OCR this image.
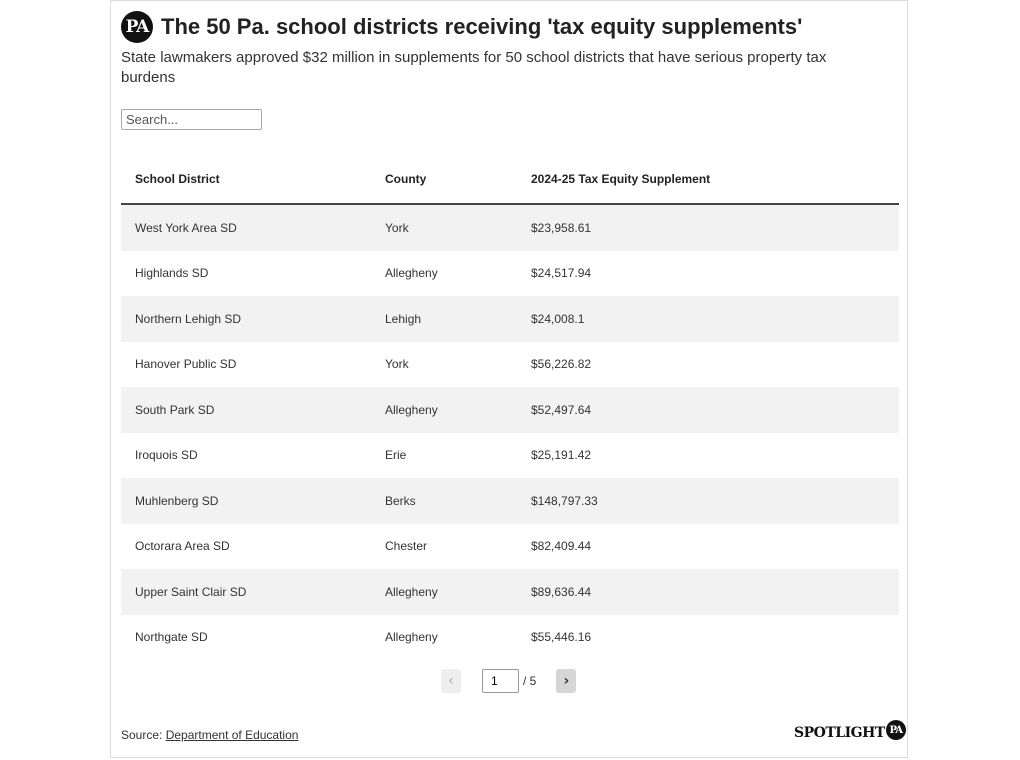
PA The 50 Pa. school districts receiving 'tax equity supplements'
State lawmakers approved $32 million in supplements for 50 school districts that have serious property tax burdens
Search...
School District	County	2024-25 Tax Equity Supplement
West York Area SD	York	$23,958.61
Highlands SD	Allegheny	$24,517.94
Northern Lehigh SD	Lehigh	$24,008.1
Hanover Public SD	York	$56,226.82
South Park SD	Allegheny	$52,497.64
Iroquois SD	Erie	$25,191.42
Muhlenberg SD	Berks	$148,797.33
Octorara Area SD	Chester	$82,409.44
Upper Saint Clair SD	Allegheny	$89,636.44
Northgate SD	Allegheny	$55,446.16
‹
1	/ 5	›
Source: Department of Education	SPOTLIGHT PA
